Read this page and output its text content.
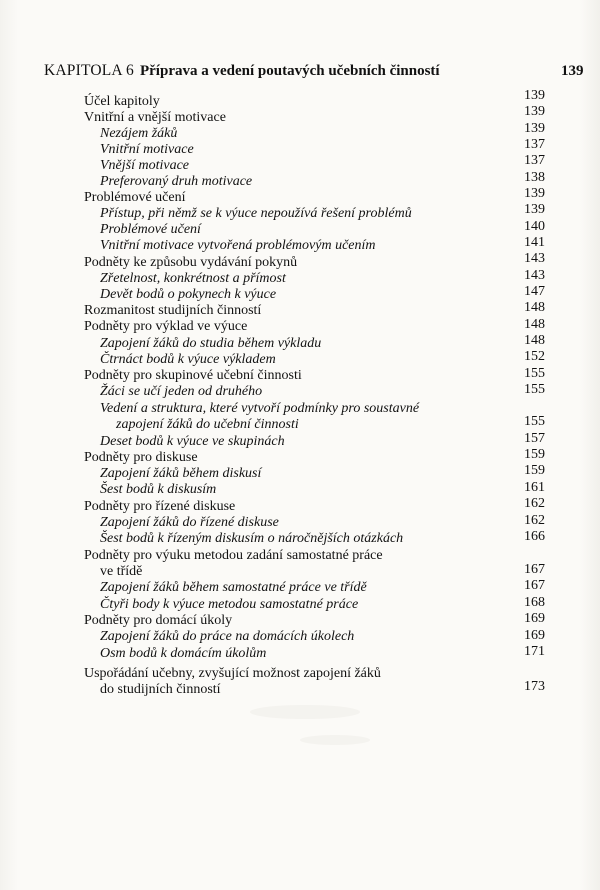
KAPITOLA 6 Příprava a vedení poutavých učebních činností	139
Účel kapitoly	139
Vnitřní a vnější motivace	139
Nezájem žáků	139
Vnitřní motivace	137
Vnější motivace	137
Preferovaný druh motivace	138
Problémové učení	139
Přístup, při němž se k výuce nepoužívá řešení problémů	139
Problémové učení	140
Vnitřní motivace vytvořená problémovým učením	141
Podněty ke způsobu vydávání pokynů	143
Zřetelnost, konkrétnost a přímost	143
Devět bodů o pokynech k výuce	147
Rozmanitost studijních činností	148
Podněty pro výklad ve výuce	148
Zapojení žáků do studia během výkladu	148
Čtrnáct bodů k výuce výkladem	152
Podněty pro skupinové učební činnosti	155
Žáci se učí jeden od druhého	155
Vedení a struktura, které vytvoří podmínky pro soustavné
zapojení žáků do učební činnosti	155
Deset bodů k výuce ve skupinách	157
Podněty pro diskuse	159
Zapojení žáků během diskusí	159
Šest bodů k diskusím	161
Podněty pro řízené diskuse	162
Zapojení žáků do řízené diskuse	162
Šest bodů k řízeným diskusím o náročnějších otázkách	166
Podněty pro výuku metodou zadání samostatné práce
ve třídě	167
Zapojení žáků během samostatné práce ve třídě	167
Čtyři body k výuce metodou samostatné práce	168
Podněty pro domácí úkoly	169
Zapojení žáků do práce na domácích úkolech	169
Osm bodů k domácím úkolům	171
Uspořádání učebny, zvyšující možnost zapojení žáků
do studijních činností	173
